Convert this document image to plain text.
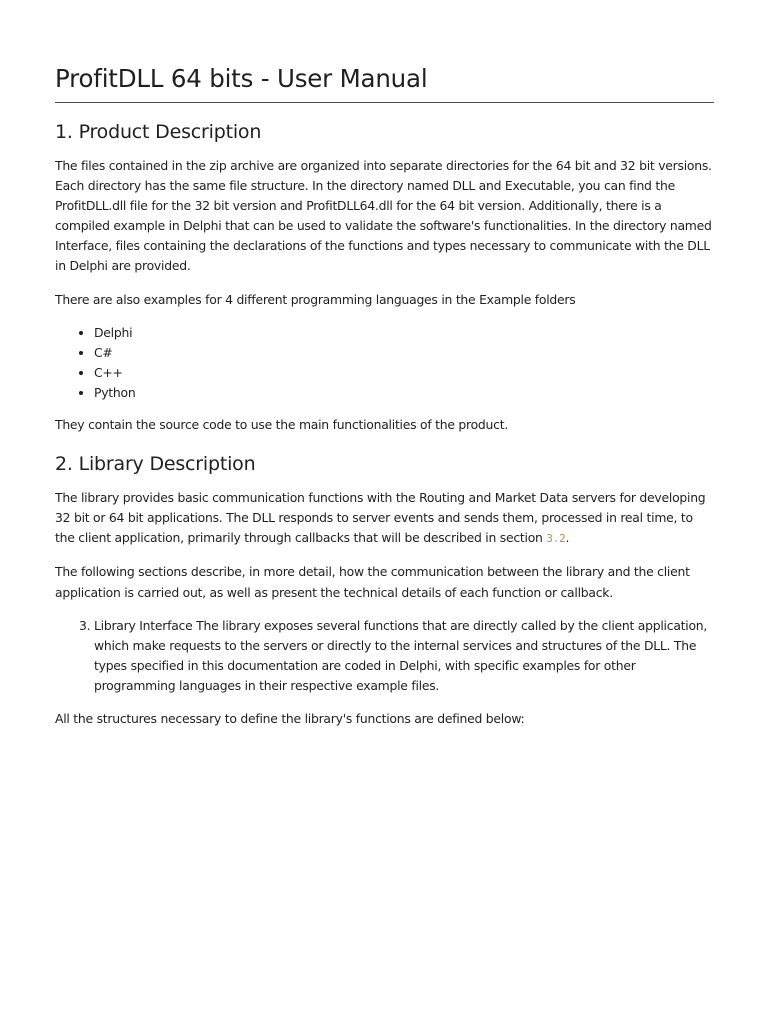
ProfitDLL 64 bits - User Manual
1. Product Description

The files contained in the zip archive are organized into separate directories for the 64 bit and 32 bit versions. Each directory has the same file structure. In the directory named DLL and Executable, you can find the ProfitDLL.dll file for the 32 bit version and ProfitDLL64.dll for the 64 bit version. Additionally, there is a compiled example in Delphi that can be used to validate the software's functionalities. In the directory named Interface, files containing the declarations of the functions and types necessary to communicate with the DLL in Delphi are provided.

There are also examples for 4 different programming languages in the Example folders

• Delphi
• C#
• C++
• Python

They contain the source code to use the main functionalities of the product.

2. Library Description

The library provides basic communication functions with the Routing and Market Data servers for developing 32 bit or 64 bit applications. The DLL responds to server events and sends them, processed in real time, to the client application, primarily through callbacks that will be described in section 3.2.

The following sections describe, in more detail, how the communication between the library and the client application is carried out, as well as present the technical details of each function or callback.

3. Library Interface The library exposes several functions that are directly called by the client application, which make requests to the servers or directly to the internal services and structures of the DLL. The types specified in this documentation are coded in Delphi, with specific examples for other programming languages in their respective example files.

All the structures necessary to define the library's functions are defined below:
